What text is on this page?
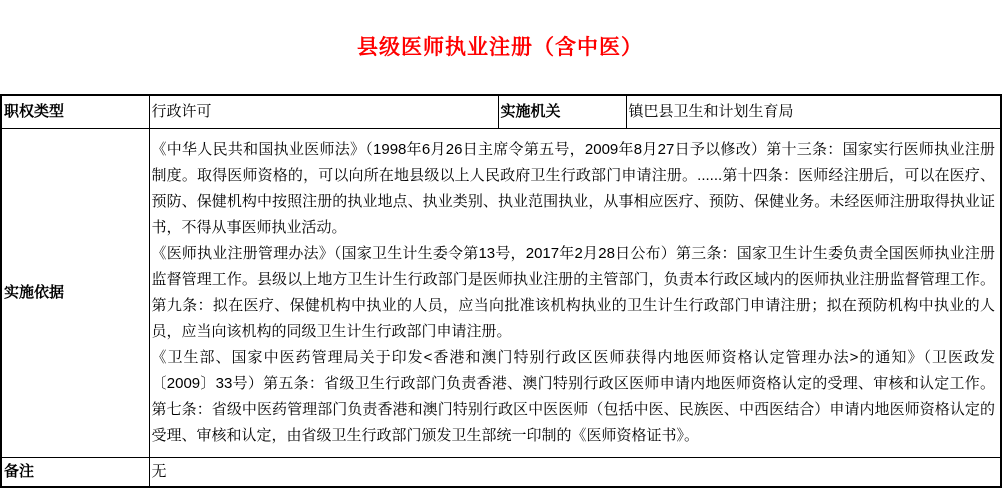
县级医师执业注册（含中医）
职权类型	行政许可	实施机关	镇巴县卫生和计划生育局
实施依据	《中华人民共和国执业医师法》（1998年6月26日主席令第五号，2009年8月27日予以修改）第十三条：国家实行医师执业注册制度。取得医师资格的，可以向所在地县级以上人民政府卫生行政部门申请注册。......第十四条：医师经注册后，可以在医疗、预防、保健机构中按照注册的执业地点、执业类别、执业范围执业，从事相应医疗、预防、保健业务。未经医师注册取得执业证书，不得从事医师执业活动。

《医师执业注册管理办法》（国家卫生计生委令第13号，2017年2月28日公布）第三条：国家卫生计生委负责全国医师执业注册监督管理工作。县级以上地方卫生计生行政部门是医师执业注册的主管部门，负责本行政区域内的医师执业注册监督管理工作。第九条：拟在医疗、保健机构中执业的人员，应当向批准该机构执业的卫生计生行政部门申请注册；拟在预防机构中执业的人员，应当向该机构的同级卫生计生行政部门申请注册。

《卫生部、国家中医药管理局关于印发<香港和澳门特别行政区医师获得内地医师资格认定管理办法>的通知》（卫医政发〔2009〕33号）第五条：省级卫生行政部门负责香港、澳门特别行政区医师申请内地医师资格认定的受理、审核和认定工作。第七条：省级中医药管理部门负责香港和澳门特别行政区中医医师（包括中医、民族医、中西医结合）申请内地医师资格认定的受理、审核和认定，由省级卫生行政部门颁发卫生部统一印制的《医师资格证书》。		

备注	无		
